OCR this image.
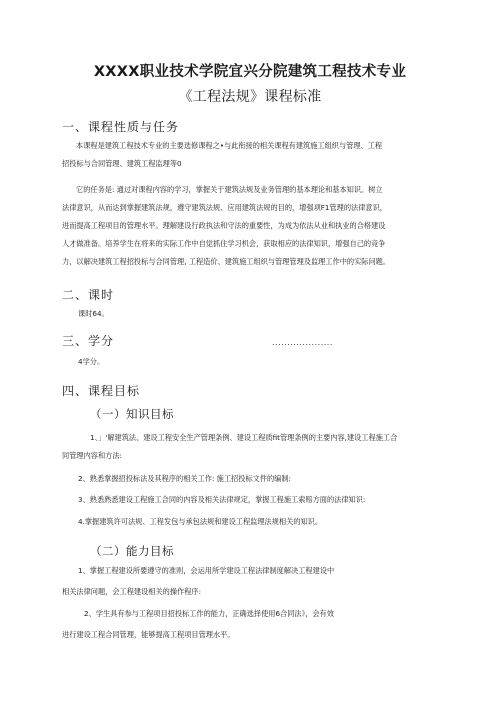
XXXX职业技术学院宜兴分院建筑工程技术专业
《工程法规》课程标准
一、课程性质与任务
本课程是建筑工程技术专业的主要选修课程之•与此衔接的相关课程有建筑施工组织与管理、工程
招投标与合同管理、建筑工程监理等0
它的任务是: 通过对课程内容的学习，掌握关于建筑法规及业务管理的基本理论和基本知识。树立
法律意识，从而达到掌握建筑法规，遵守建筑法规、应用建筑法规的目的，增强项F1管理的法律意识，
进而提高工程项目的管理水平。理解建设行政执法和守法的重要性，为成为依法从业和执业的合格建设
人才做准备。培养学生在将来的实际工作中自觉抓住学习机会，获取相应的法律知识，增强自己的竞争
力，以解决建筑工程招投标与合同管理, 工程造价、建筑施工组织与管理管理及监理工作中的实际问题。
二、课时
课时64。
三、学分	....................
4学分。
四、课程目标
（一）知识目标
1、」'解建筑法、建设工程安全生产管理条例、建设工程质fit管理条例的主要内容,建设工程施工合
同管理内容和方法:
2、熟悉掌握招投标法及其程序的相关工作: 施工招投标文件的编制:
3、熟悉熟悉建设工程施工合同的内容及相关法律规定，掌握工程施工索赔方面的法律知识:
4.掌握建筑许可法规、工程发包与承包法规和建设工程监理法规相关的知识。
（二）能力目标
1、掌握工程建设所要遵守的准则，会运用所学建设工程法律制度解决工程建设中
相关法律问题，会工程建设相关的操作程序:
2、学生具有参与工程项目招投标工作的能力，正确选择使用6合同法》，会有效
进行建设工程合同管理，能够提高工程项目管理水平。
